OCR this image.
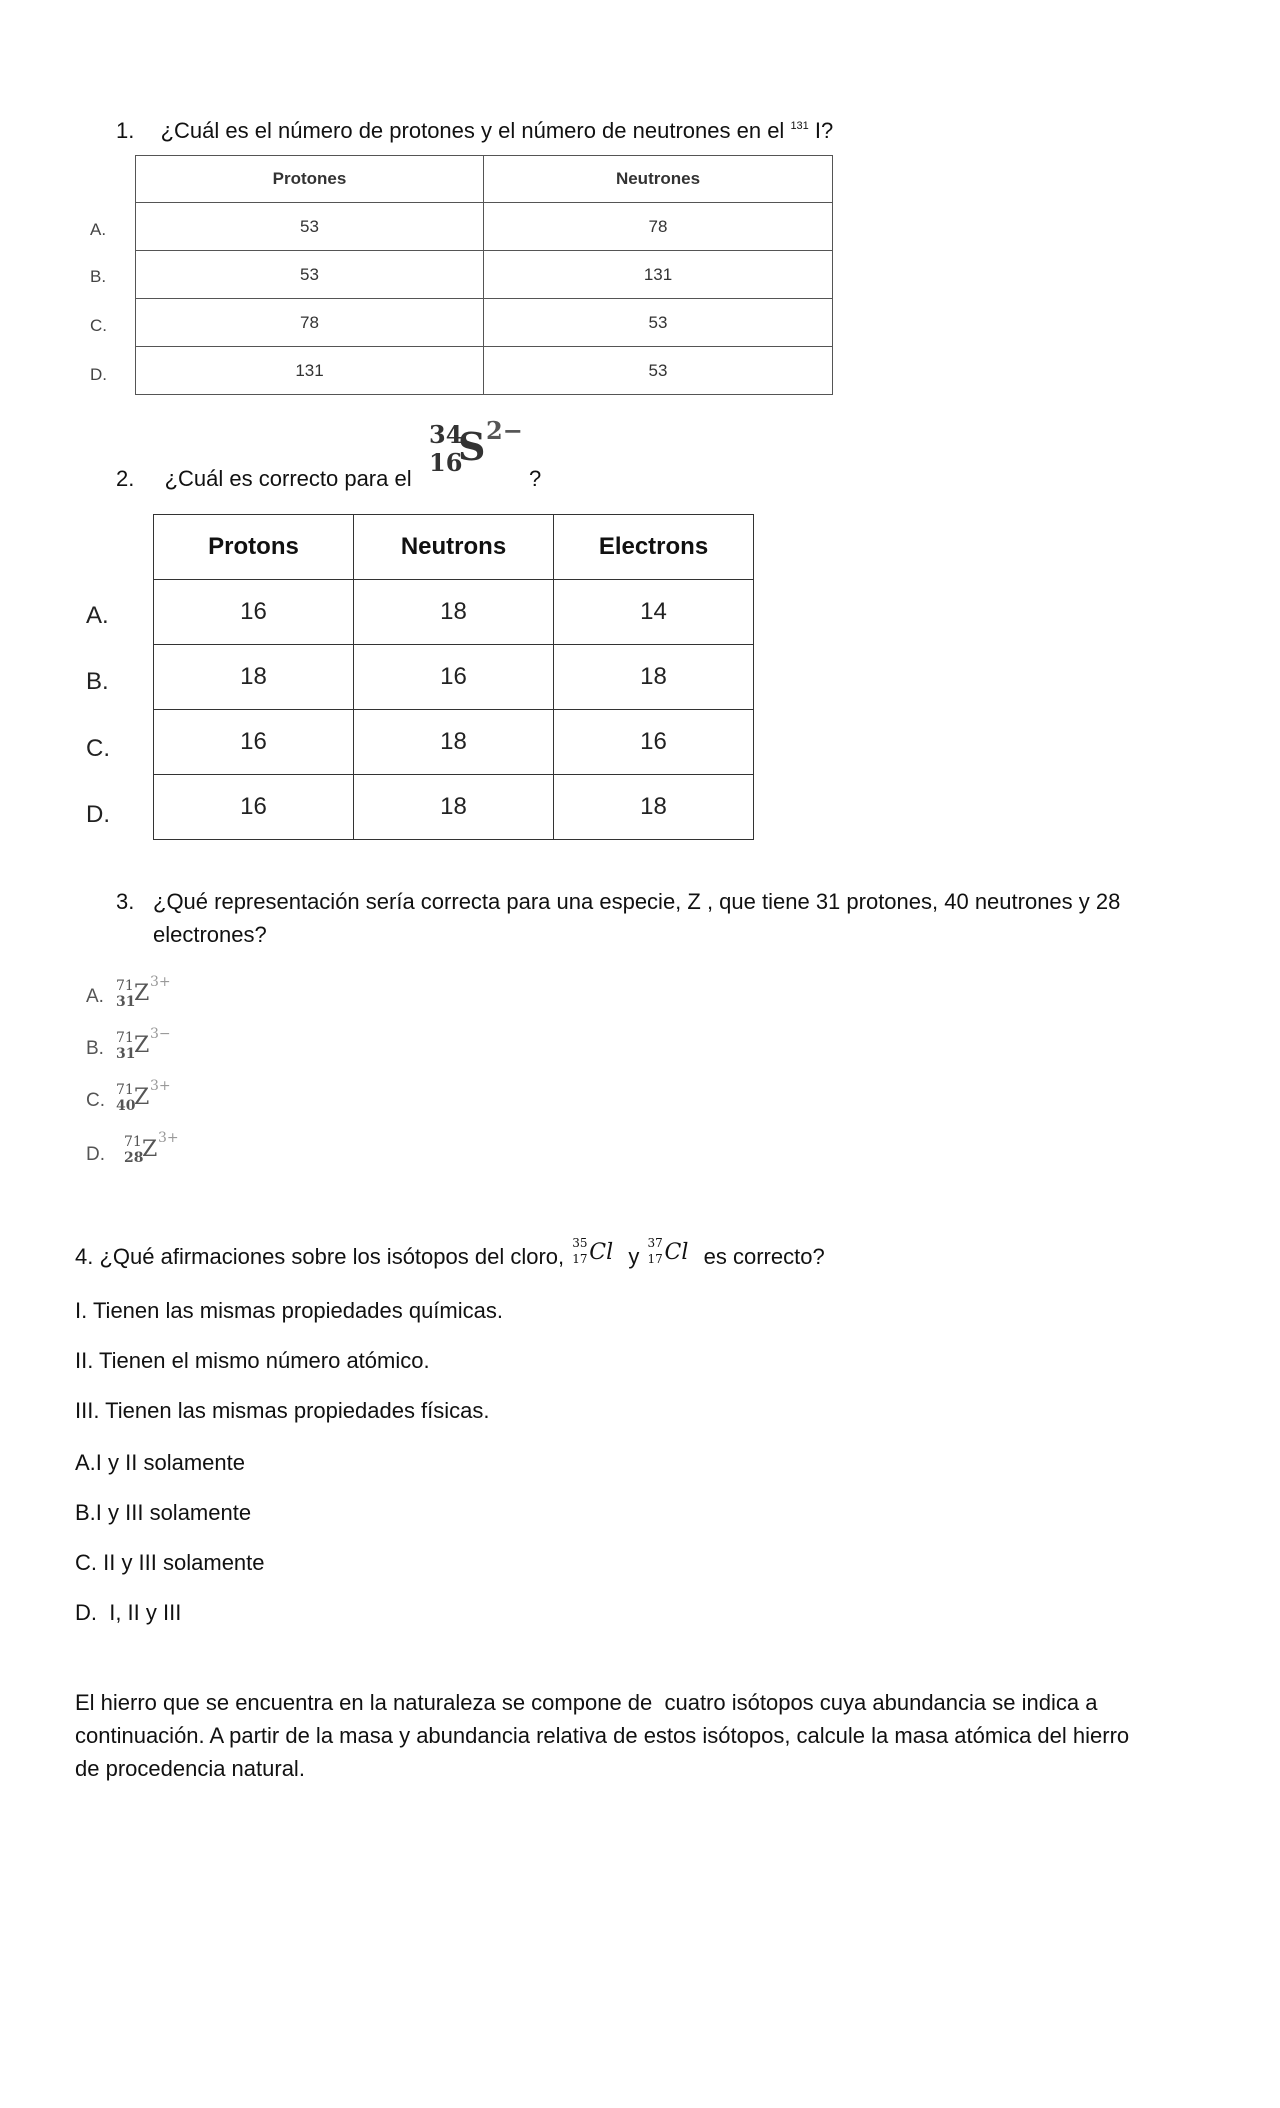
1. ¿Cuál es el número de protones y el número de neutrones en el $^{131}$ I?
A.
B.
C.
D.
Protones	Neutrones
53	78
53	131
78	53
131	53
2. ¿Cuál es correcto para el
34
16
S 2−
?
A.
B.
C.
D.
Protons	Neutrons	Electrons
16	18	14
18	16	18
16	18	16
16	18	18
3. ¿Qué representación sería correcta para una especie, Z , que tiene 31 protones, 40 neutrones y 28
electrones?
A. 71
31
Z 3+
B. 71
31
Z 3−
C. 71
40
Z 3+
D.
71
28
Z 3+
4. ¿Qué afirmaciones sobre los isótopos del cloro,
35
17 Cl y
37
17 Cl es correcto?
I. Tienen las mismas propiedades químicas.
II. Tienen el mismo número atómico.
III. Tienen las mismas propiedades físicas.
A.I y II solamente
B.I y III solamente
C. II y III solamente
D.  I, II y III
El hierro que se encuentra en la naturaleza se compone de  cuatro isótopos cuya abundancia se indica a
continuación. A partir de la masa y abundancia relativa de estos isótopos, calcule la masa atómica del hierro
de procedencia natural.
